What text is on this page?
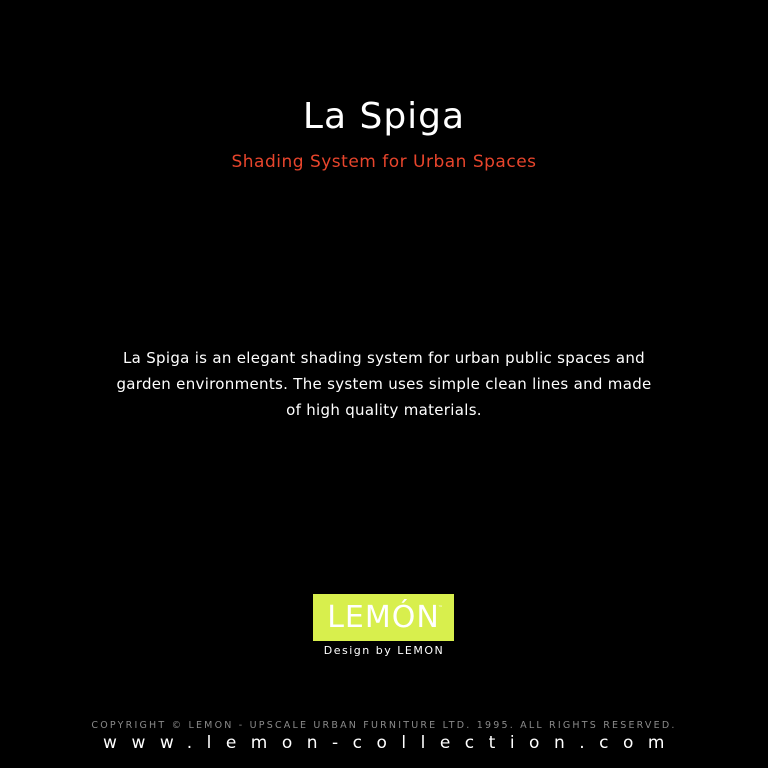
La Spiga

Shading System for Urban Spaces

La Spiga is an elegant shading system for urban public spaces and garden environments. The system uses simple clean lines and made of high quality materials.

LEMÓN
™

Design by LEMON

COPYRIGHT © LEMON - UPSCALE URBAN FURNITURE LTD. 1995. ALL RIGHTS RESERVED.

www.lemon-collection.com
